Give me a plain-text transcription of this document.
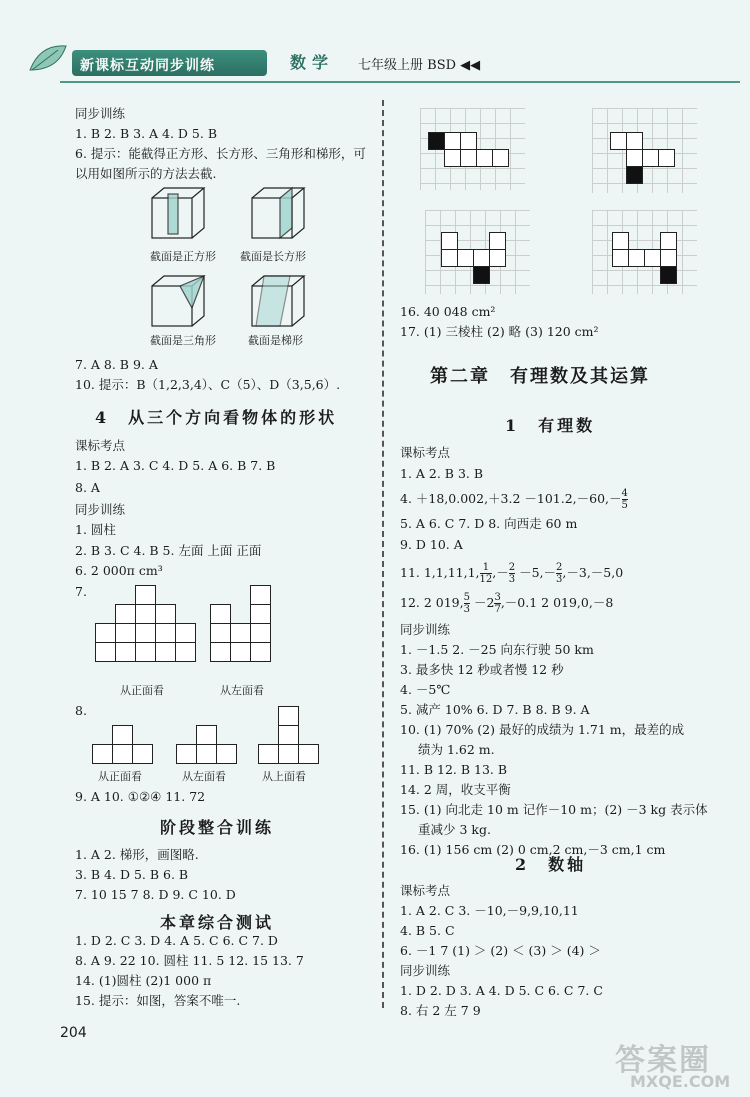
新课标互动同步训练	数学 七年级上册 BSD ◀◀
同步训练
1. B 2. B 3. A 4. D 5. B
6. 提示：能截得正方形、长方形、三角形和梯形，可
以用如图所示的方法去截.
截面是正方形 截面是长方形
截面是三角形	截面是梯形
7. A 8. B 9. A
10. 提示：B（1,2,3,4）、C（5）、D（3,5,6）.
4　从三个方向看物体的形状
课标考点
1. B 2. A 3. C 4. D 5. A 6. B 7. B
8. A
同步训练
1. 圆柱
2. B 3. C 4. B 5. 左面 上面 正面
6. 2 000π cm³
7.
从正面看	从左面看
8.
从正面看	从左面看	从上面看
9. A 10. ①②④ 11. 72
阶段整合训练
1. A 2. 梯形，画图略.
3. B 4. D 5. B 6. B
7. 10 15 7 8. D 9. C 10. D
本章综合测试
1. D 2. C 3. D 4. A 5. C 6. C 7. D
8. A 9. 22 10. 圆柱 11. 5 12. 15 13. 7
14. (1)圆柱 (2)1 000 π
15. 提示：如图，答案不唯一.
16. 40 048 cm²
17. (1) 三棱柱 (2) 略 (3) 120 cm²
第二章　有理数及其运算
1　有理数
课标考点
1. A 2. B 3. B
4. $+18,0.002,+3.2 -101.2,-60,- \frac{4}{5}$
5. A 6. C 7. D 8. 向西走 60 m
9. D 10. A
11. 1,1,11,1, $\frac{1}{12}$ ,－ $\frac{2}{3} -5,- \frac{2}{3} ,-3,-5,0$
12. 2 019, $\frac{5}{3} -2 \frac{3}{7} ,-0.1$ 2 019,0,－8
同步训练
1. －1.5 2. －25 向东行驶 50 km
3. 最多快 12 秒或者慢 12 秒
4. －5℃
5. 减产 10% 6. D 7. B 8. B 9. A
10. (1) 70% (2) 最好的成绩为 1.71 m，最差的成
绩为 1.62 m.
11. B 12. B 13. B
14. 2 周，收支平衡
15. (1) 向北走 10 m 记作－10 m；(2) －3 kg 表示体
重减少 3 kg.
16. (1) 156 cm (2) 0 cm,2 cm,－3 cm,1 cm
2　数轴
课标考点
1. A 2. C 3. －10,－9,9,10,11
4. B 5. C
6. －1 7 (1) ＞ (2) ＜ (3) ＞ (4) ＞
同步训练
1. D 2. D 3. A 4. D 5. C 6. C 7. C
8. 右 2 左 7 9
204
答案圈
MXQE.COM
